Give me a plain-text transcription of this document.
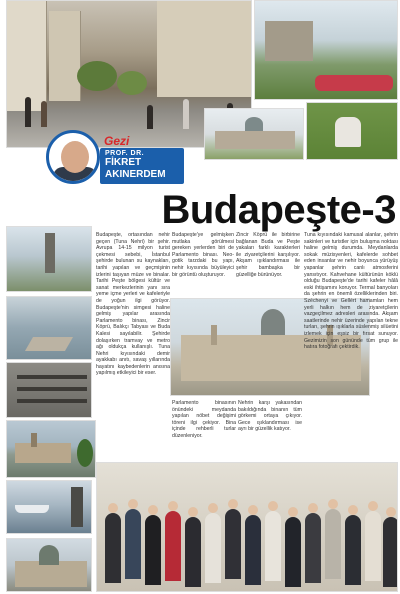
Gezi
PROF. DR.
FİKRET
AKINERDEM
Budapeşte-3
Budapeşte, ortasından nehir geçen (Tuna Nehri) bir şehir. Avrupa 14-15 milyon turist çekmesi sebebi, İstanbul şehirde bulunan su kaynakları, tarihi yapıları ve geçmişinin izlerini taşıyan müze ve binalar. Tarihi Peşte bölgesi kültür ve sanat merkezlerinin yanı sıra yeme içme yerleri ve kafeleriyle de yoğun ilgi görüyor. Budapeşte'nin simgesi haline gelmiş yapılar arasında Parlamento binası, Zincir Köprü, Balıkçı Tabyası ve Buda Kalesi sayılabilir. Şehirde dolaşırken tramvay ve metro ağı oldukça kullanışlı. Tuna Nehri kıyısındaki demir ayakkabı anıtı, savaş yıllarında hayatını kaybedenlerin anısına yapılmış etkileyici bir eser.
Budapeşte'ye gelmişken mutlaka görülmesi gereken yerlerden biri de Parlamento binası. Neo-gotik tarzdaki bu yapı, nehir kıyısında büyüleyici bir görüntü oluşturuyor.
Zincir Köprü ile birbirine bağlanan Buda ve Peşte yakaları farklı karakterleri ile ziyaretçilerini karşılıyor. Akşam ışıklandırması ile şehir bambaşka bir güzelliğe bürünüyor.
Tuna kıyısındaki kamusal alanlar, şehrin sakinleri ve turistler için buluşma noktası haline gelmiş durumda. Meydanlarda sokak müzisyenleri, kafelerde sohbet eden insanlar ve nehir boyunca yürüyüş yapanlar şehrin canlı atmosferini yansıtıyor. Kahvehane kültürünün köklü olduğu Budapeşte'de tarihi kafeler hâlâ eski ihtişamını koruyor. Termal banyoları da şehrin en önemli özelliklerinden biri. Széchenyi ve Gellért hamamları hem yerli halkın hem de ziyaretçilerin vazgeçilmez adresleri arasında. Akşam saatlerinde nehir üzerinde yapılan tekne turları, şehrin ışıklarla süslenmiş silüetini izlemek için eşsiz bir fırsat sunuyor. Gezimizin son gününde tüm grup ile hatıra fotoğrafı çektirdik.
Parlamento binasının önündeki meydanda yapılan nöbet değişimi töreni ilgi çekiyor. Bina içinde rehberli turlar düzenleniyor.
Nehrin karşı yakasından bakıldığında binanın tüm görkemi ortaya çıkıyor. Gece ışıklandırması ise ayrı bir güzellik katıyor.
